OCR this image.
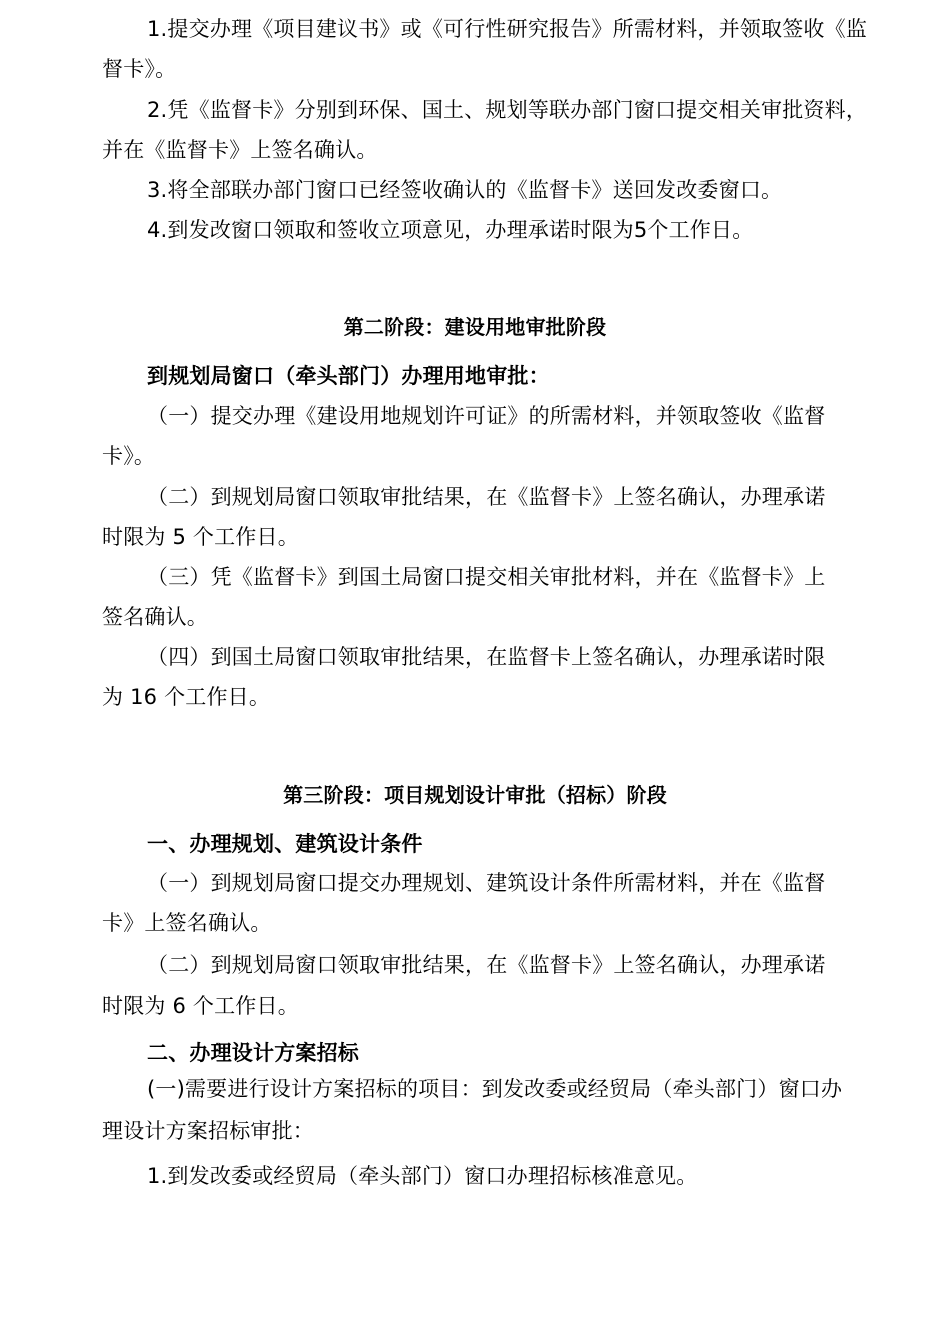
1.提交办理《项目建议书》或《可行性研究报告》所需材料，并领取签收《监
督卡》。
2.凭《监督卡》分别到环保、国土、规划等联办部门窗口提交相关审批资料，
并在《监督卡》上签名确认。
3.将全部联办部门窗口已经签收确认的《监督卡》送回发改委窗口。
4.到发改窗口领取和签收立项意见，办理承诺时限为5个工作日。
第二阶段：建设用地审批阶段
到规划局窗口（牵头部门）办理用地审批：
（一）提交办理《建设用地规划许可证》的所需材料，并领取签收《监督
卡》。
（二）到规划局窗口领取审批结果，在《监督卡》上签名确认，办理承诺
时限为 5 个工作日。
（三）凭《监督卡》到国土局窗口提交相关审批材料，并在《监督卡》上
签名确认。
（四）到国土局窗口领取审批结果，在监督卡上签名确认，办理承诺时限
为 16 个工作日。
第三阶段：项目规划设计审批（招标）阶段
一、办理规划、建筑设计条件
（一）到规划局窗口提交办理规划、建筑设计条件所需材料，并在《监督
卡》上签名确认。
（二）到规划局窗口领取审批结果，在《监督卡》上签名确认，办理承诺
时限为 6 个工作日。
二、办理设计方案招标
(一)需要进行设计方案招标的项目：到发改委或经贸局（牵头部门）窗口办
理设计方案招标审批：
1.到发改委或经贸局（牵头部门）窗口办理招标核准意见。
